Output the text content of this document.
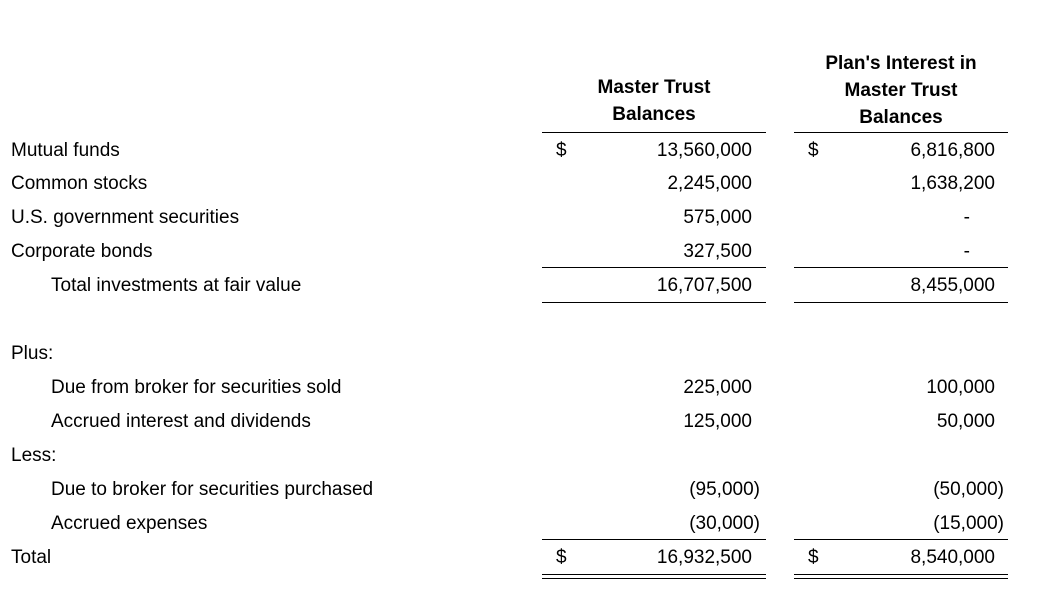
Master Trust
Balances
Plan's Interest in
Master Trust
Balances
Mutual funds	$	13,560,000	$	6,816,800
Common stocks	2,245,000	1,638,200
U.S. government securities	575,000	-
Corporate bonds	327,500	-
Total investments at fair value	16,707,500	8,455,000
Plus:
Due from broker for securities sold	225,000	100,000
Accrued interest and dividends	125,000	50,000
Less:
Due to broker for securities purchased	(95,000)	(50,000)
Accrued expenses	(30,000)	(15,000)
Total	$	16,932,500	$	8,540,000
